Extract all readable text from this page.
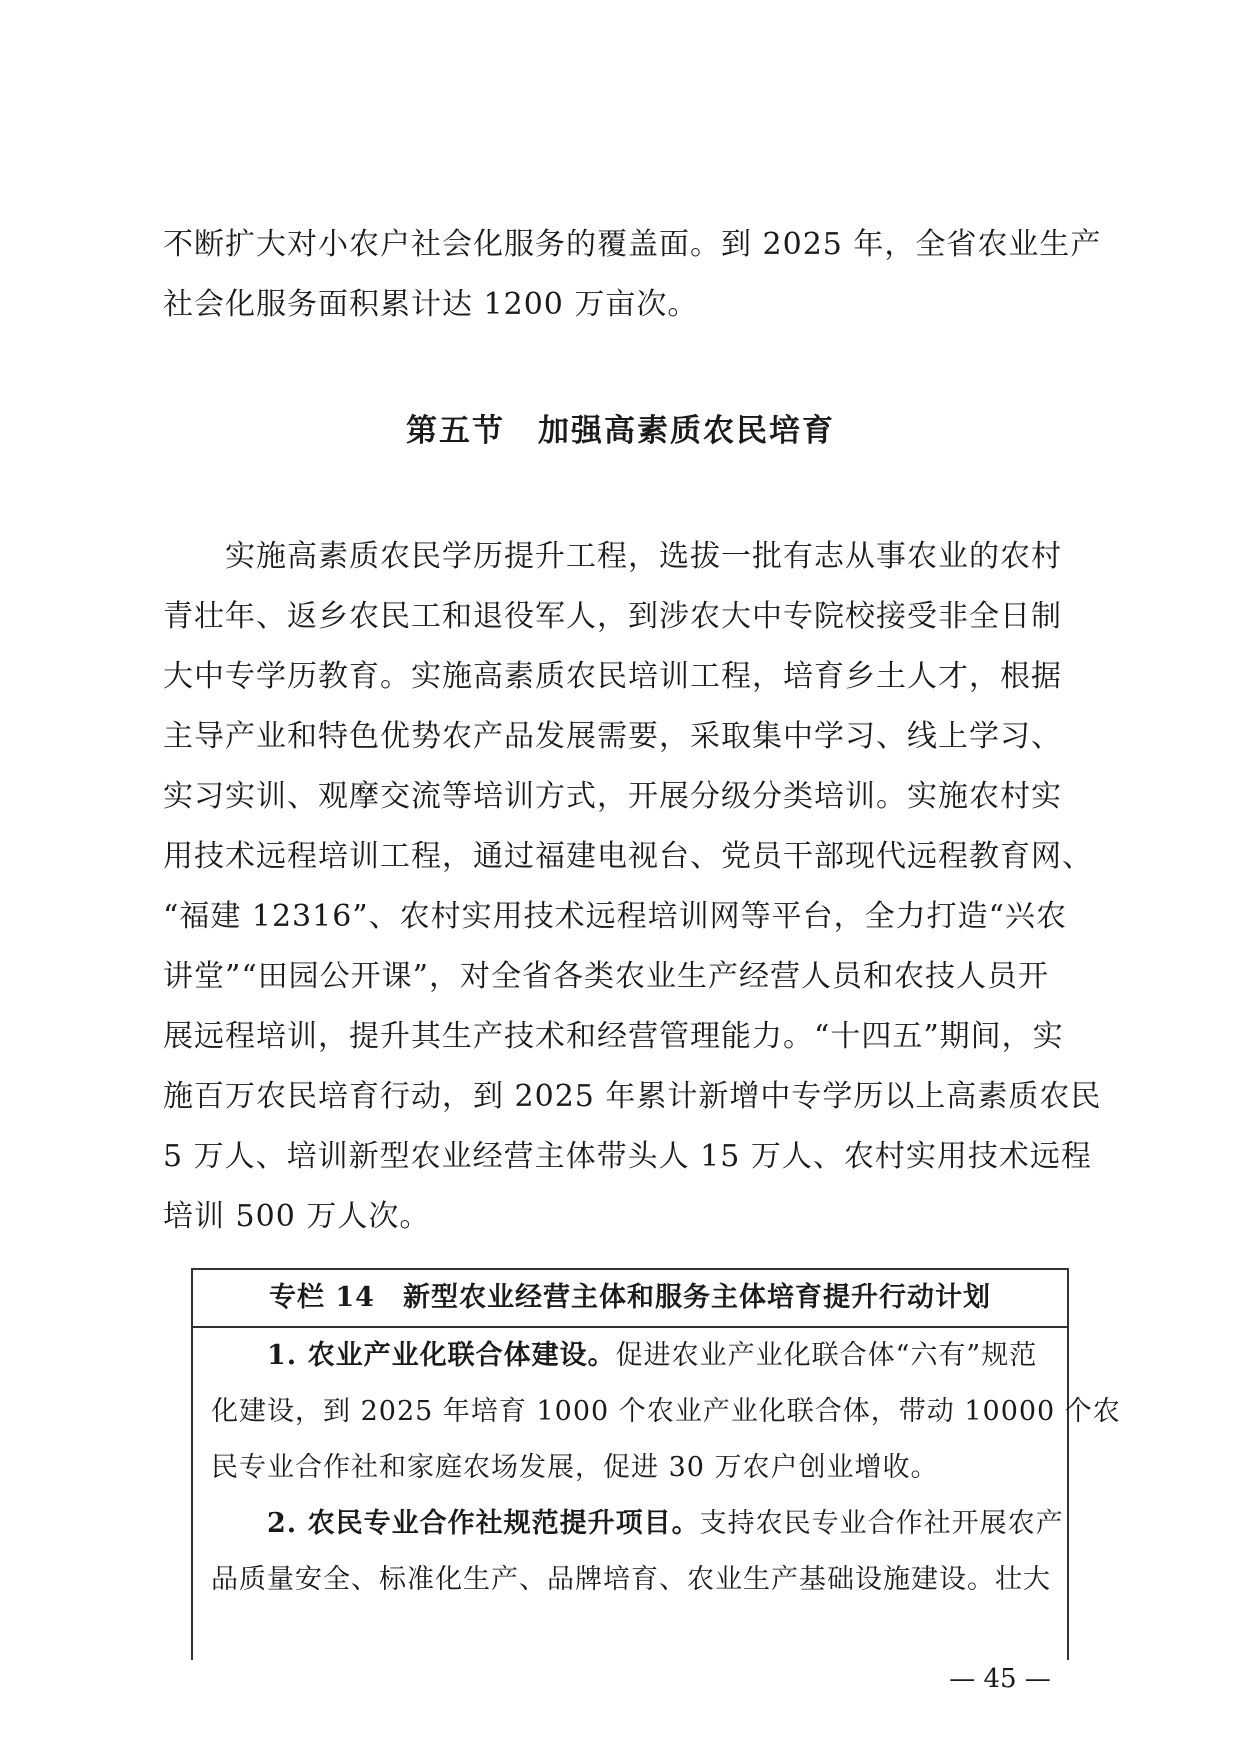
不断扩大对小农户社会化服务的覆盖面。到 2025 年，全省农业生产
社会化服务面积累计达 1200 万亩次。
第五节　加强高素质农民培育
　　实施高素质农民学历提升工程，选拔一批有志从事农业的农村
青壮年、返乡农民工和退役军人，到涉农大中专院校接受非全日制
大中专学历教育。实施高素质农民培训工程，培育乡土人才，根据
主导产业和特色优势农产品发展需要，采取集中学习、线上学习、
实习实训、观摩交流等培训方式，开展分级分类培训。实施农村实
用技术远程培训工程，通过福建电视台、党员干部现代远程教育网、
“福建 12316”、农村实用技术远程培训网等平台，全力打造“兴农
讲堂”“田园公开课”，对全省各类农业生产经营人员和农技人员开
展远程培训，提升其生产技术和经营管理能力。“十四五”期间，实
施百万农民培育行动，到 2025 年累计新增中专学历以上高素质农民
5 万人、培训新型农业经营主体带头人 15 万人、农村实用技术远程
培训 500 万人次。
专栏 14　新型农业经营主体和服务主体培育提升行动计划
　　1. 农业产业化联合体建设。促进农业产业化联合体“六有”规范
化建设，到 2025 年培育 1000 个农业产业化联合体，带动 10000 个农
民专业合作社和家庭农场发展，促进 30 万农户创业增收。
　　2. 农民专业合作社规范提升项目。支持农民专业合作社开展农产
品质量安全、标准化生产、品牌培育、农业生产基础设施建设。壮大
— 45 —
